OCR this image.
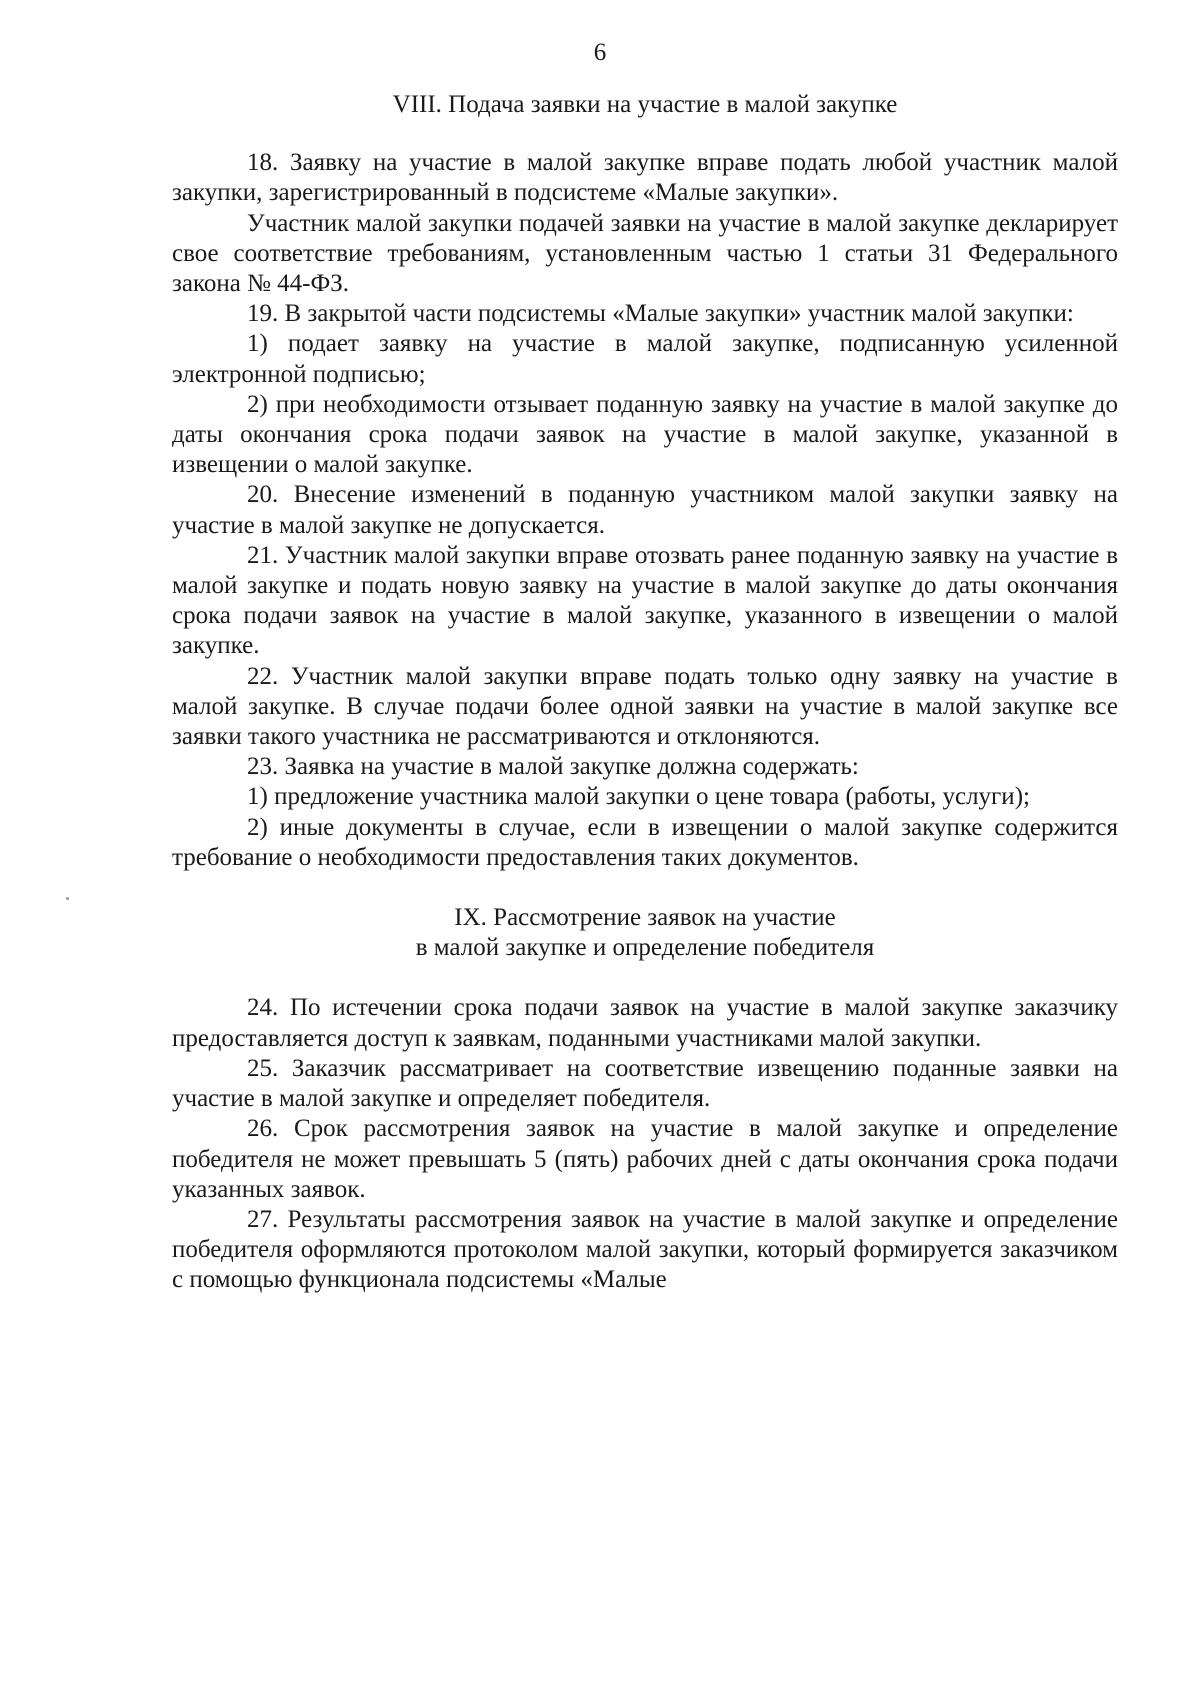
6
VIII. Подача заявки на участие в малой закупке

18. Заявку на участие в малой закупке вправе подать любой участник малой закупки, зарегистрированный в подсистеме «Малые закупки».

Участник малой закупки подачей заявки на участие в малой закупке декларирует свое соответствие требованиям, установленным частью 1 статьи 31 Федерального закона № 44-ФЗ.

19. В закрытой части подсистемы «Малые закупки» участник малой закупки:

1) подает заявку на участие в малой закупке, подписанную усиленной электронной подписью;

2) при необходимости отзывает поданную заявку на участие в малой закупке до даты окончания срока подачи заявок на участие в малой закупке, указанной в извещении о малой закупке.

20. Внесение изменений в поданную участником малой закупки заявку на участие в малой закупке не допускается.

21. Участник малой закупки вправе отозвать ранее поданную заявку на участие в малой закупке и подать новую заявку на участие в малой закупке до даты окончания срока подачи заявок на участие в малой закупке, указанного в извещении о малой закупке.

22. Участник малой закупки вправе подать только одну заявку на участие в малой закупке. В случае подачи более одной заявки на участие в малой закупке все заявки такого участника не рассматриваются и отклоняются.

23. Заявка на участие в малой закупке должна содержать:

1) предложение участника малой закупки о цене товара (работы, услуги);

2) иные документы в случае, если в извещении о малой закупке содержится требование о необходимости предоставления таких документов.

IX. Рассмотрение заявок на участие
в малой закупке и определение победителя

24. По истечении срока подачи заявок на участие в малой закупке заказчику предоставляется доступ к заявкам, поданными участниками малой закупки.

25. Заказчик рассматривает на соответствие извещению поданные заявки на участие в малой закупке и определяет победителя.

26. Срок рассмотрения заявок на участие в малой закупке и определение победителя не может превышать 5 (пять) рабочих дней с даты окончания срока подачи указанных заявок.

27. Результаты рассмотрения заявок на участие в малой закупке и определение победителя оформляются протоколом малой закупки, который формируется заказчиком с помощью функционала подсистемы «Малые
